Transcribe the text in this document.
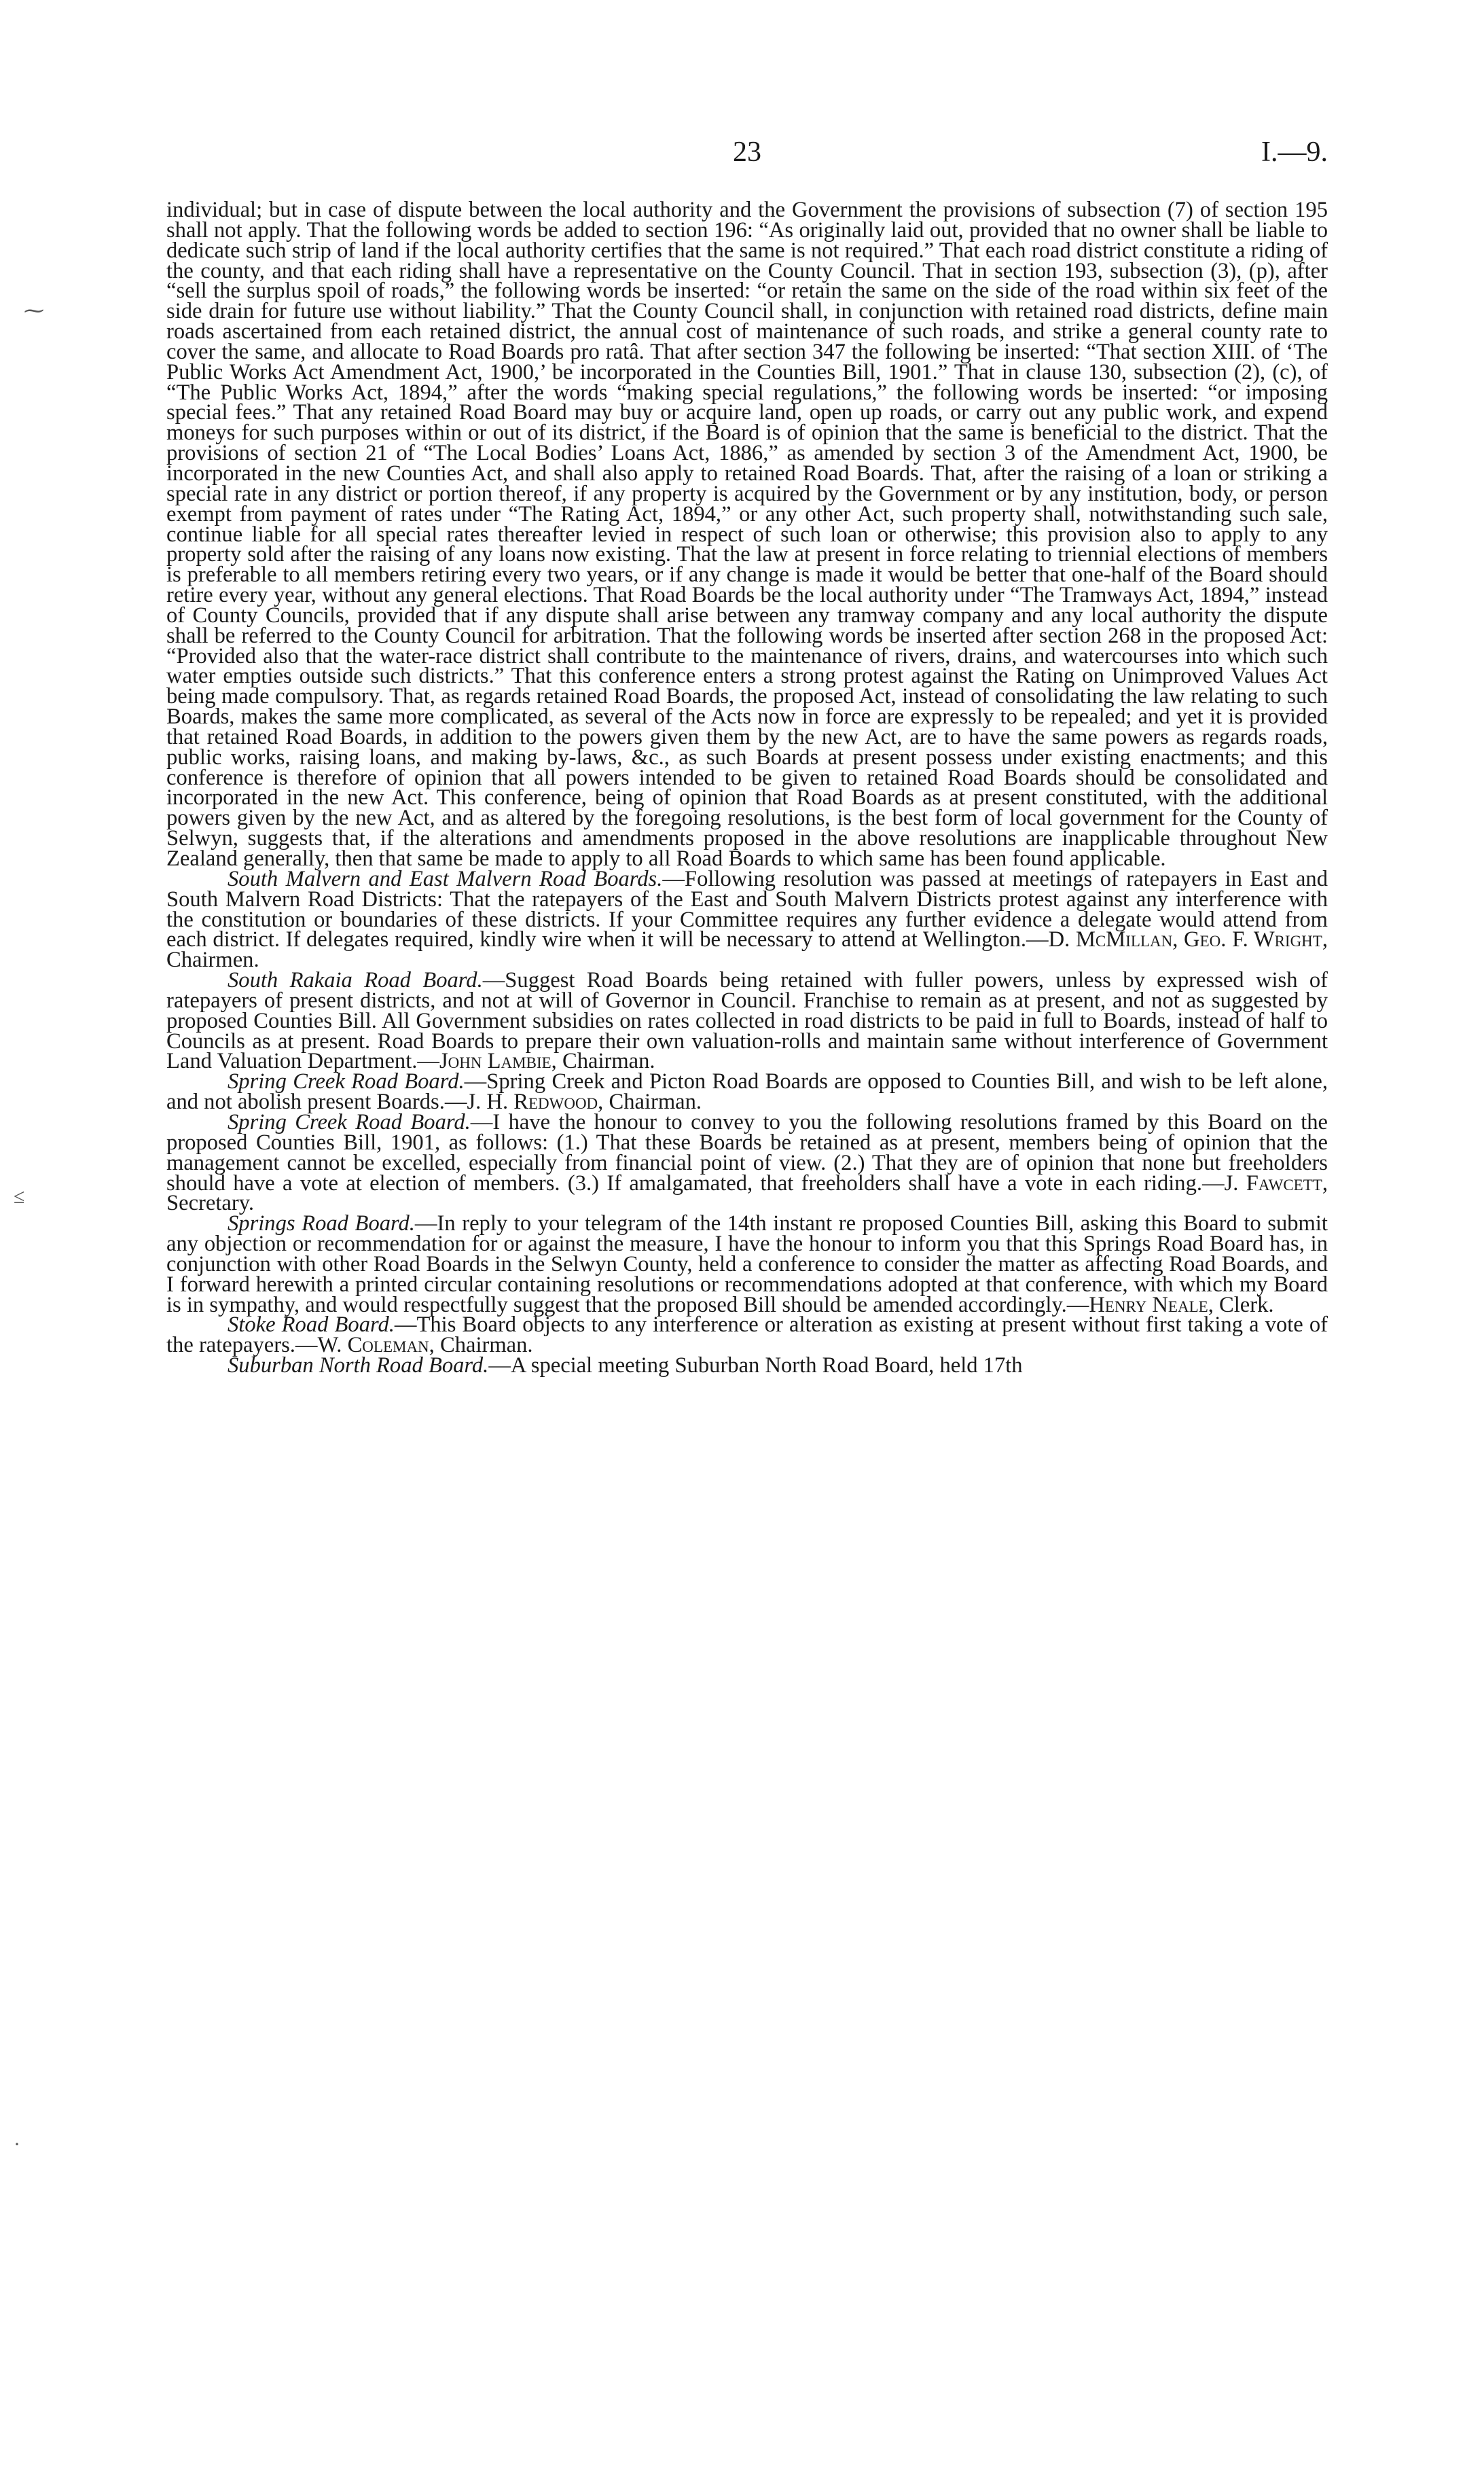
23	I.—9.

individual; but in case of dispute between the local authority and the Government the provisions of subsection (7) of section 195 shall not apply. That the following words be added to section 196: “As originally laid out, provided that no owner shall be liable to dedicate such strip of land if the local authority certifies that the same is not required.” That each road district constitute a riding of the county, and that each riding shall have a representative on the County Council. That in section 193, subsection (3), (p), after “sell the surplus spoil of roads,” the following words be inserted: “or retain the same on the side of the road within six feet of the side drain for future use without liability.” That the County Council shall, in conjunction with retained road districts, define main roads ascertained from each retained district, the annual cost of maintenance of such roads, and strike a general county rate to cover the same, and allocate to Road Boards pro ratâ. That after section 347 the following be inserted: “That section XIII. of ‘The Public Works Act Amendment Act, 1900,’ be incorporated in the Counties Bill, 1901.” That in clause 130, subsection (2), (c), of “The Public Works Act, 1894,” after the words “making special regulations,” the following words be inserted: “or imposing special fees.” That any retained Road Board may buy or acquire land, open up roads, or carry out any public work, and expend moneys for such purposes within or out of its district, if the Board is of opinion that the same is beneficial to the district. That the provisions of section 21 of “The Local Bodies’ Loans Act, 1886,” as amended by section 3 of the Amendment Act, 1900, be incorporated in the new Counties Act, and shall also apply to retained Road Boards. That, after the raising of a loan or striking a special rate in any district or portion thereof, if any property is acquired by the Government or by any institution, body, or person exempt from payment of rates under “The Rating Act, 1894,” or any other Act, such property shall, notwithstanding such sale, continue liable for all special rates thereafter levied in respect of such loan or otherwise; this provision also to apply to any property sold after the raising of any loans now existing. That the law at present in force relating to triennial elections of members is preferable to all members retiring every two years, or if any change is made it would be better that one-half of the Board should retire every year, without any general elections. That Road Boards be the local authority under “The Tramways Act, 1894,” instead of County Councils, provided that if any dispute shall arise between any tramway company and any local authority the dispute shall be referred to the County Council for arbitration. That the following words be inserted after section 268 in the proposed Act: “Provided also that the water-race district shall contribute to the maintenance of rivers, drains, and watercourses into which such water empties outside such districts.” That this conference enters a strong protest against the Rating on Unimproved Values Act being made compulsory. That, as regards retained Road Boards, the proposed Act, instead of consolidating the law relating to such Boards, makes the same more complicated, as several of the Acts now in force are expressly to be repealed; and yet it is provided that retained Road Boards, in addition to the powers given them by the new Act, are to have the same powers as regards roads, public works, raising loans, and making by-laws, &c., as such Boards at present possess under existing enactments; and this conference is therefore of opinion that all powers intended to be given to retained Road Boards should be consolidated and incorporated in the new Act. This conference, being of opinion that Road Boards as at present constituted, with the additional powers given by the new Act, and as altered by the foregoing resolutions, is the best form of local government for the County of Selwyn, suggests that, if the alterations and amendments proposed in the above resolutions are inapplicable throughout New Zealand generally, then that same be made to apply to all Road Boards to which same has been found applicable.

South Malvern and East Malvern Road Boards.—Following resolution was passed at meetings of ratepayers in East and South Malvern Road Districts: That the ratepayers of the East and South Malvern Districts protest against any interference with the constitution or boundaries of these districts. If your Committee requires any further evidence a delegate would attend from each district. If delegates required, kindly wire when it will be necessary to attend at Wellington.—D. McMillan, Geo. F. Wright, Chairmen.

South Rakaia Road Board.—Suggest Road Boards being retained with fuller powers, unless by expressed wish of ratepayers of present districts, and not at will of Governor in Council. Franchise to remain as at present, and not as suggested by proposed Counties Bill. All Government subsidies on rates collected in road districts to be paid in full to Boards, instead of half to Councils as at present. Road Boards to prepare their own valuation-rolls and maintain same without interference of Government Land Valuation Department.—John Lambie, Chairman.

Spring Creek Road Board.—Spring Creek and Picton Road Boards are opposed to Counties Bill, and wish to be left alone, and not abolish present Boards.—J. H. Redwood, Chairman.

Spring Creek Road Board.—I have the honour to convey to you the following resolutions framed by this Board on the proposed Counties Bill, 1901, as follows: (1.) That these Boards be retained as at present, members being of opinion that the management cannot be excelled, especially from financial point of view. (2.) That they are of opinion that none but freeholders should have a vote at election of members. (3.) If amalgamated, that freeholders shall have a vote in each riding.—J. Fawcett, Secretary.

Springs Road Board.—In reply to your telegram of the 14th instant re proposed Counties Bill, asking this Board to submit any objection or recommendation for or against the measure, I have the honour to inform you that this Springs Road Board has, in conjunction with other Road Boards in the Selwyn County, held a conference to consider the matter as affecting Road Boards, and I forward herewith a printed circular containing resolutions or recommendations adopted at that conference, with which my Board is in sympathy, and would respectfully suggest that the proposed Bill should be amended accordingly.—Henry Neale, Clerk.

Stoke Road Board.—This Board objects to any interference or alteration as existing at present without first taking a vote of the ratepayers.—W. Coleman, Chairman.

Suburban North Road Board.—A special meeting Suburban North Road Board, held 17th

⁓
≤
·
